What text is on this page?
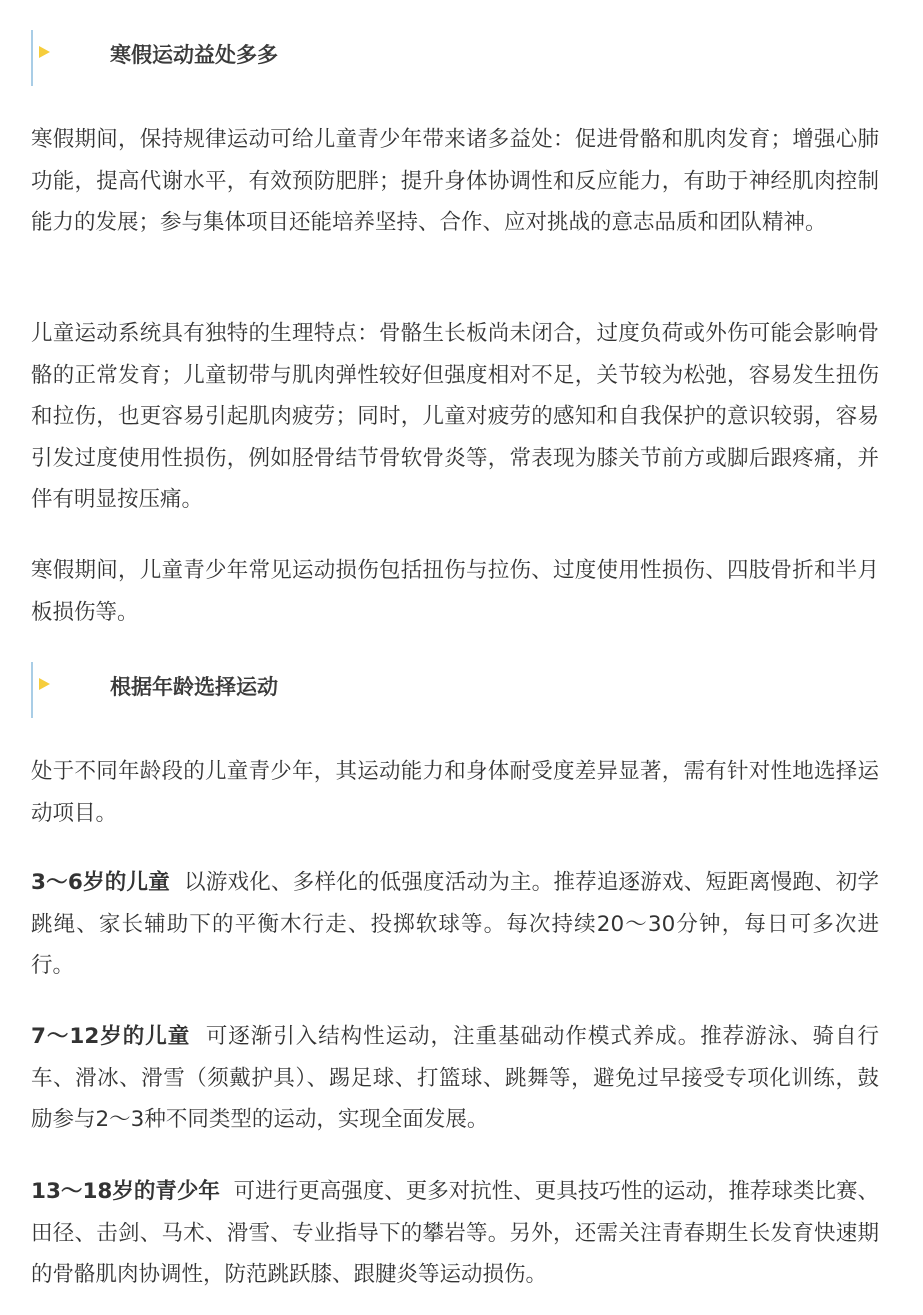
寒假运动益处多多

寒假期间，保持规律运动可给儿童青少年带来诸多益处：促进骨骼和肌肉发育；增强心肺功能，提高代谢水平，有效预防肥胖；提升身体协调性和反应能力，有助于神经肌肉控制能力的发展；参与集体项目还能培养坚持、合作、应对挑战的意志品质和团队精神。

儿童运动系统具有独特的生理特点：骨骼生长板尚未闭合，过度负荷或外伤可能会影响骨骼的正常发育；儿童韧带与肌肉弹性较好但强度相对不足，关节较为松弛，容易发生扭伤和拉伤，也更容易引起肌肉疲劳；同时，儿童对疲劳的感知和自我保护的意识较弱，容易引发过度使用性损伤，例如胫骨结节骨软骨炎等，常表现为膝关节前方或脚后跟疼痛，并伴有明显按压痛。

寒假期间，儿童青少年常见运动损伤包括扭伤与拉伤、过度使用性损伤、四肢骨折和半月板损伤等。

根据年龄选择运动

处于不同年龄段的儿童青少年，其运动能力和身体耐受度差异显著，需有针对性地选择运动项目。

3～6岁的儿童 以游戏化、多样化的低强度活动为主。推荐追逐游戏、短距离慢跑、初学跳绳、家长辅助下的平衡木行走、投掷软球等。每次持续20～30分钟，每日可多次进行。

7～12岁的儿童 可逐渐引入结构性运动，注重基础动作模式养成。推荐游泳、骑自行车、滑冰、滑雪（须戴护具）、踢足球、打篮球、跳舞等，避免过早接受专项化训练，鼓励参与2～3种不同类型的运动，实现全面发展。

13～18岁的青少年 可进行更高强度、更多对抗性、更具技巧性的运动，推荐球类比赛、田径、击剑、马术、滑雪、专业指导下的攀岩等。另外，还需关注青春期生长发育快速期的骨骼肌肉协调性，防范跳跃膝、跟腱炎等运动损伤。
